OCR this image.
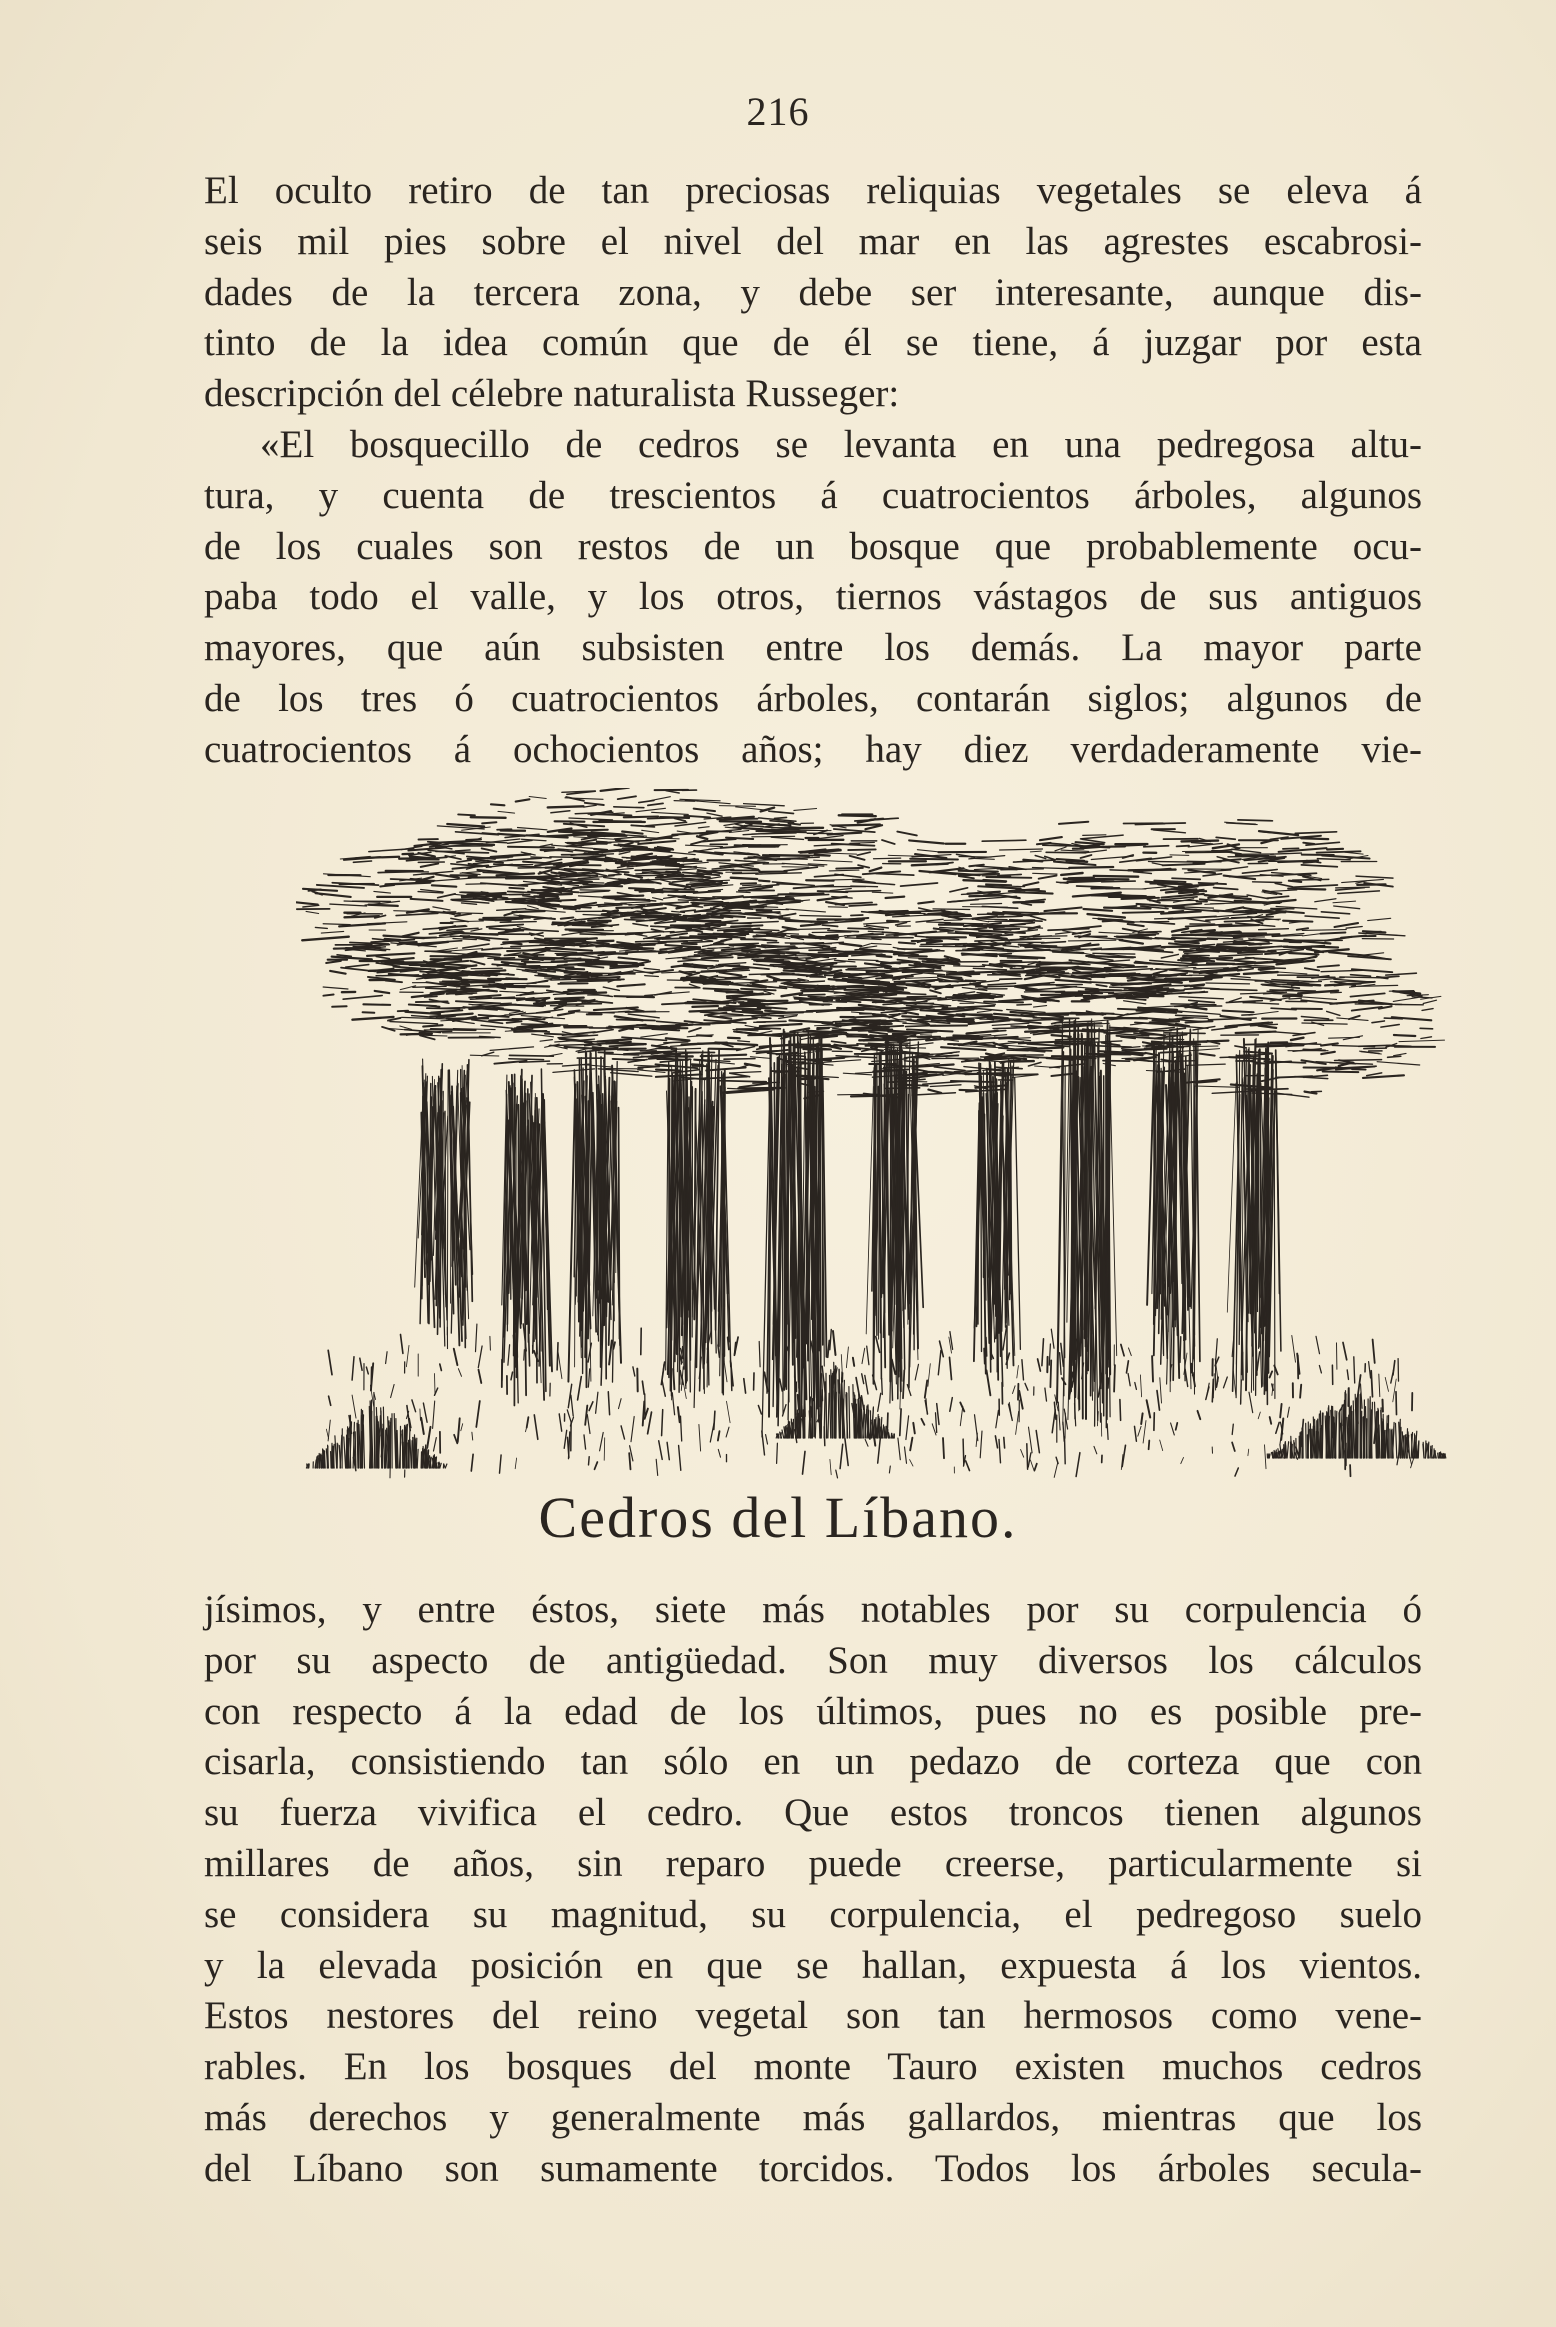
216
El oculto retiro de tan preciosas reliquias vegetales se eleva á
seis mil pies sobre el nivel del mar en las agrestes escabrosi-
dades de la tercera zona, y debe ser interesante, aunque dis-
tinto de la idea común que de él se tiene, á juzgar por esta
descripción del célebre naturalista Russeger:
«El bosquecillo de cedros se levanta en una pedregosa altu-
tura, y cuenta de trescientos á cuatrocientos árboles, algunos
de los cuales son restos de un bosque que probablemente ocu-
paba todo el valle, y los otros, tiernos vástagos de sus antiguos
mayores, que aún subsisten entre los demás. La mayor parte
de los tres ó cuatrocientos árboles, contarán siglos; algunos de
cuatrocientos á ochocientos años; hay diez verdaderamente vie-
Cedros del Líbano.
jísimos, y entre éstos, siete más notables por su corpulencia ó
por su aspecto de antigüedad. Son muy diversos los cálculos
con respecto á la edad de los últimos, pues no es posible pre-
cisarla, consistiendo tan sólo en un pedazo de corteza que con
su fuerza vivifica el cedro. Que estos troncos tienen algunos
millares de años, sin reparo puede creerse, particularmente si
se considera su magnitud, su corpulencia, el pedregoso suelo
y la elevada posición en que se hallan, expuesta á los vientos.
Estos nestores del reino vegetal son tan hermosos como vene-
rables. En los bosques del monte Tauro existen muchos cedros
más derechos y generalmente más gallardos, mientras que los
del Líbano son sumamente torcidos. Todos los árboles secula-
